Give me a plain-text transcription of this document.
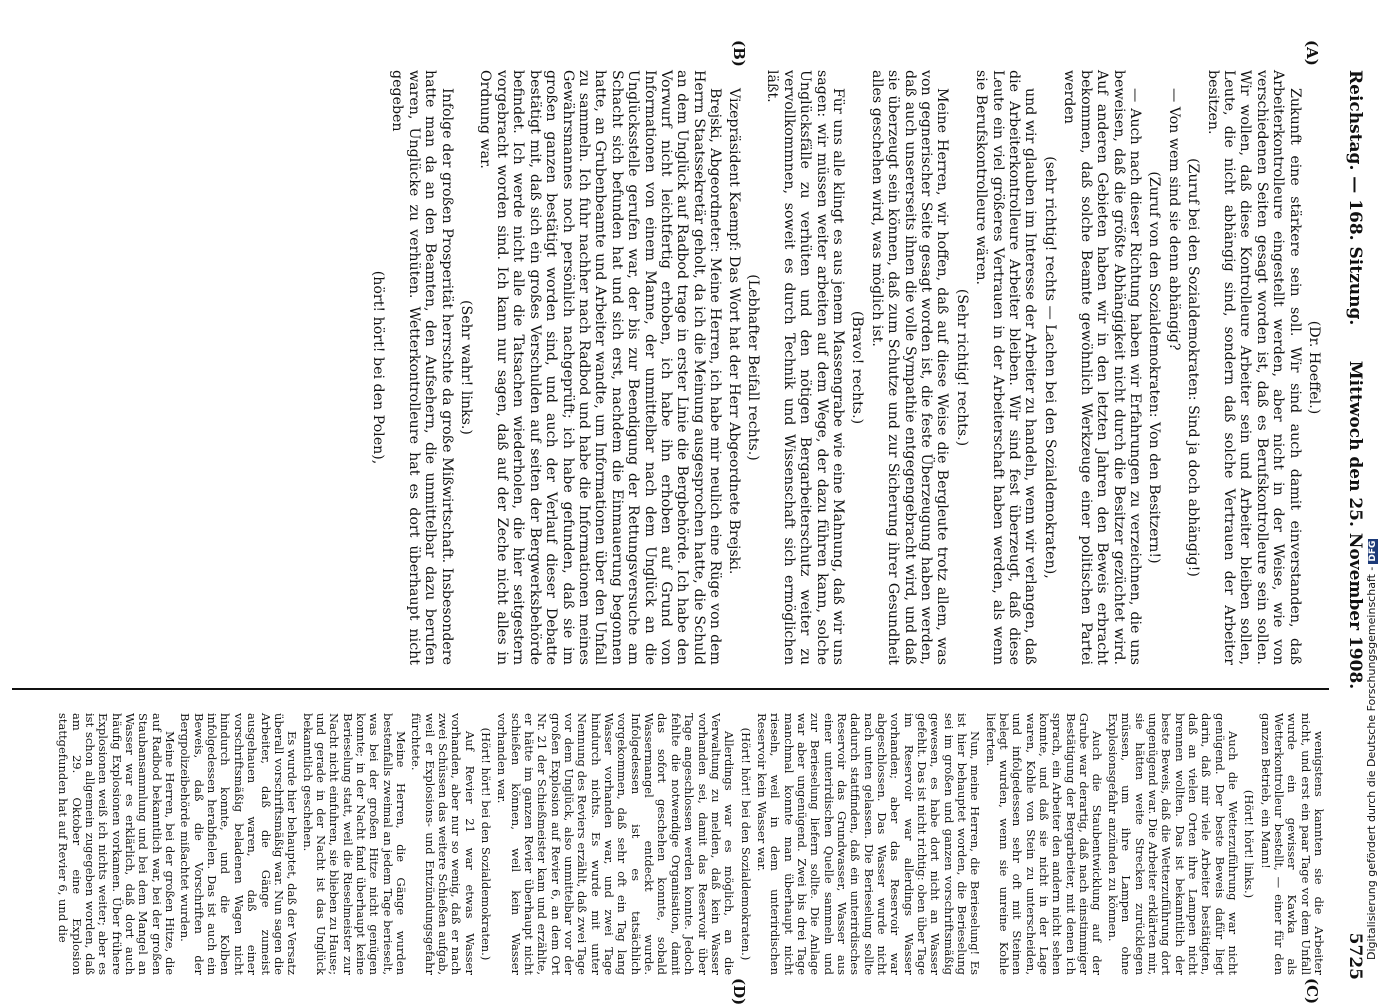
Reichstag. — 168. Sitzung.
Mittwoch den 25. November 1908.
5725
(A)
(B)

(Dr. Hoeffel.)

Zukunft eine stärkere sein soll. Wir sind auch damit einverstanden, daß Arbeiterkontrolleure eingestellt werden, aber nicht in der Weise, wie von verschiedenen Seiten gesagt worden ist, daß es Berufskontrolleure sein sollen. Wir wollen, daß diese Kontrolleure Arbeiter sein und Arbeiter bleiben sollen, Leute, die nicht abhängig sind, sondern daß solche Vertrauen der Arbeiter besitzen.

(Zuruf bei den Sozialdemokraten: Sind ja doch abhängig!)

— Von wem sind sie denn abhängig?

(Zuruf von den Sozialdemokraten: Von den Besitzern!)

— Auch nach dieser Richtung haben wir Erfahrungen zu verzeichnen, die uns beweisen, daß die größte Abhängigkeit nicht durch die Besitzer gezüchtet wird. Auf anderen Gebieten haben wir in den letzten Jahren den Beweis erbracht bekommen, daß solche Beamte gewöhnlich Werkzeuge einer politischen Partei werden

(sehr richtig! rechts — Lachen bei den Sozialdemokraten),

und wir glauben im Interesse der Arbeiter zu handeln, wenn wir verlangen, daß die Arbeiterkontrolleure Arbeiter bleiben. Wir sind fest überzeugt, daß diese Leute ein viel größeres Vertrauen in der Arbeiterschaft haben werden, als wenn sie Berufskontrolleure wären.

(Sehr richtig! rechts.)

Meine Herren, wir hoffen, daß auf diese Weise die Bergleute trotz allem, was von gegnerischer Seite gesagt worden ist, die feste Überzeugung haben werden, daß auch unsererseits ihnen die volle Sympathie entgegengebracht wird, und daß sie überzeugt sein können, daß zum Schutze und zur Sicherung ihrer Gesundheit alles geschehen wird, was möglich ist.

(Bravo! rechts.)

Für uns alle klingt es aus jenem Massengrabe wie eine Mahnung, daß wir uns sagen: wir müssen weiter arbeiten auf dem Wege, der dazu führen kann, solche Unglücksfälle zu verhüten und den nötigen Bergarbeiterschutz weiter zu vervollkommnen, soweit es durch Technik und Wissenschaft sich ermöglichen läßt.

(Lebhafter Beifall rechts.)

Vizepräsident Kaempf: Das Wort hat der Herr Abgeordnete Brejski.

Brejski, Abgeordneter: Meine Herren, ich habe mir neulich eine Rüge von dem Herrn Staatssekretär geholt, da ich die Meinung ausgesprochen hatte, die Schuld an dem Unglück auf Radbod trage in erster Linie die Bergbehörde. Ich habe den Vorwurf nicht leichtfertig erhoben, ich habe ihn erhoben auf Grund von Informationen von einem Manne, der unmittelbar nach dem Unglück an die Unglücksstelle gerufen war, der bis zur Beendigung der Rettungsversuche am Schacht sich befunden hat und sich erst, nachdem die Einmauerung begonnen hatte, an Grubenbeamte und Arbeiter wandte, um Informationen über den Unfall zu sammeln. Ich fuhr nachher nach Radbod und habe die Informationen meines Gewährsmannes noch persönlich nachgeprüft; ich habe gefunden, daß sie im großen ganzen bestätigt worden sind, und auch der Verlauf dieser Debatte bestätigt mit, daß sich ein großes Verschulden auf seiten der Bergwerksbehörde befindet. Ich werde nicht alle die Tatsachen wiederholen, die hier seitgestern vorgebracht worden sind. Ich kann nur sagen, daß auf der Zeche nicht alles in Ordnung war.

(Sehr wahr! links.)

Infolge der großen Prosperität herrschte da große Mißwirtschaft. Insbesondere hatte man da an den Beamten, den Aufsehern, die unmittelbar dazu berufen waren, Unglücke zu verhüten. Wetterkontrolleure hat es dort überhaupt nicht gegeben

(hört! hört! bei den Polen),

wenigstens kannten sie die Arbeiter nicht, und erst ein paar Tage vor dem Unfall wurde ein gewisser Kawka als Wetterkontrolleur bestellt, — einer für den ganzen Betrieb, ein Mann!

(Hört! hört! links.)

Auch die Wetterzuführung war nicht genügend. Der beste Beweis dafür liegt darin, daß mir viele Arbeiter bestätigten, daß an vielen Orten ihre Lampen nicht brennen wollten. Das ist bekanntlich der beste Beweis, daß die Wetterzuführung dort ungenügend war. Die Arbeiter erklärten mir, sie hätten weite Strecken zurücklegen müssen, um ihre Lampen ohne Explosionsgefahr anzünden zu können.

Auch die Staubentwicklung auf der Grube war derartig, daß nach einstimmiger Bestätigung der Bergarbeiter, mit denen ich sprach, ein Arbeiter den andern nicht sehen konnte, und daß sie nicht in der Lage waren, Kohle von Stein zu unterscheiden, und infolgedessen sehr oft mit Steinen belegt wurden, wenn sie unreine Kohle lieferten.

Nun, meine Herren, die Berieselung! Es ist hier behauptet worden, die Berieselung sei im großen und ganzen vorschriftsmäßig gewesen, es habe dort nicht an Wasser gefehlt. Das ist nicht richtig: oben über Tage im Reservoir war allerdings Wasser vorhanden; aber das Reservoir war abgeschlossen. Das Wasser wurde nicht nach unten gelassen. Die Berieselung sollte dadurch stattfinden, daß ein unterirdisches Reservoir das Grundwasser, Wasser aus einer unterirdischen Quelle sammeln und zur Berieselung liefern sollte. Die Anlage war aber ungenügend. Zwei bis drei Tage manchmal konnte man überhaupt nicht rieseln, weil in dem unterirdischen Reservoir kein Wasser war.

(Hört! hört! bei den Sozialdemokraten.)

Allerdings war es möglich, an die Verwaltung zu melden, daß kein Wasser vorhanden sei, damit das Reservoir über Tage angeschlossen werden konnte. Jedoch fehlte die notwendige Organisation, damit das sofort geschehen konnte, sobald Wassermangel entdeckt wurde. Infolgedessen ist es tatsächlich vorgekommen, daß sehr oft ein Tag lang Wasser vorhanden war, und zwei Tage hindurch nichts. Es wurde mit unter Nennung des Reviers erzählt, daß zwei Tage vor dem Unglück, also unmittelbar vor der großen Explosion auf Revier 6, an dem Ort Nr. 21 der Schießmeister kam und erzählte, er hätte im ganzen Revier überhaupt nicht schießen können, weil kein Wasser vorhanden war.

(Hört! hört! bei den Sozialdemokraten.)

Auf Revier 21 war etwas Wasser vorhanden, aber nur so wenig, daß er nach zwei Schüssen das weitere Schießen aufgab, weil er Explosions- und Entzündungsgefahr fürchtete.

Meine Herren, die Gänge wurden bestenfalls zweimal an jedem Tage berieselt, was bei der großen Hitze nicht genügen konnte; in der Nacht fand überhaupt keine Berieselung statt, weil die Rieselmeister zur Nacht nicht einfuhren, sie blieben zu Hause; und gerade in der Nacht ist das Unglück bekanntlich geschehen.

Es wurde hier behauptet, daß der Versatz überall vorschriftsmäßig war. Nun sagen die Arbeiter, daß die Gänge zumeist ausgehauen waren, daß einer vorschriftsmäßig beladenen Wagen nicht hindurch konnte, und die Kolben infolgedessen herabfielen. Das ist auch ein Beweis, daß die Vorschriften der Bergpolizeibehörde mißachtet wurden.

Meine Herren, bei der großen Hitze, die auf Radbod bekanntlich war, bei der großen Staubansammlung und bei dem Mangel an Wasser war es erklärlich, daß dort auch häufig Explosionen vorkamen. Über frühere Explosionen weiß ich nichts weiter; aber es ist schon allgemein zugegeben worden, daß am 29. Oktober eine Explosion stattgefunden hat auf Revier 6, und die

(C)
(D)
Digitalisierung gefördert durch die Deutsche Forschungsgemeinschaft -DFG
